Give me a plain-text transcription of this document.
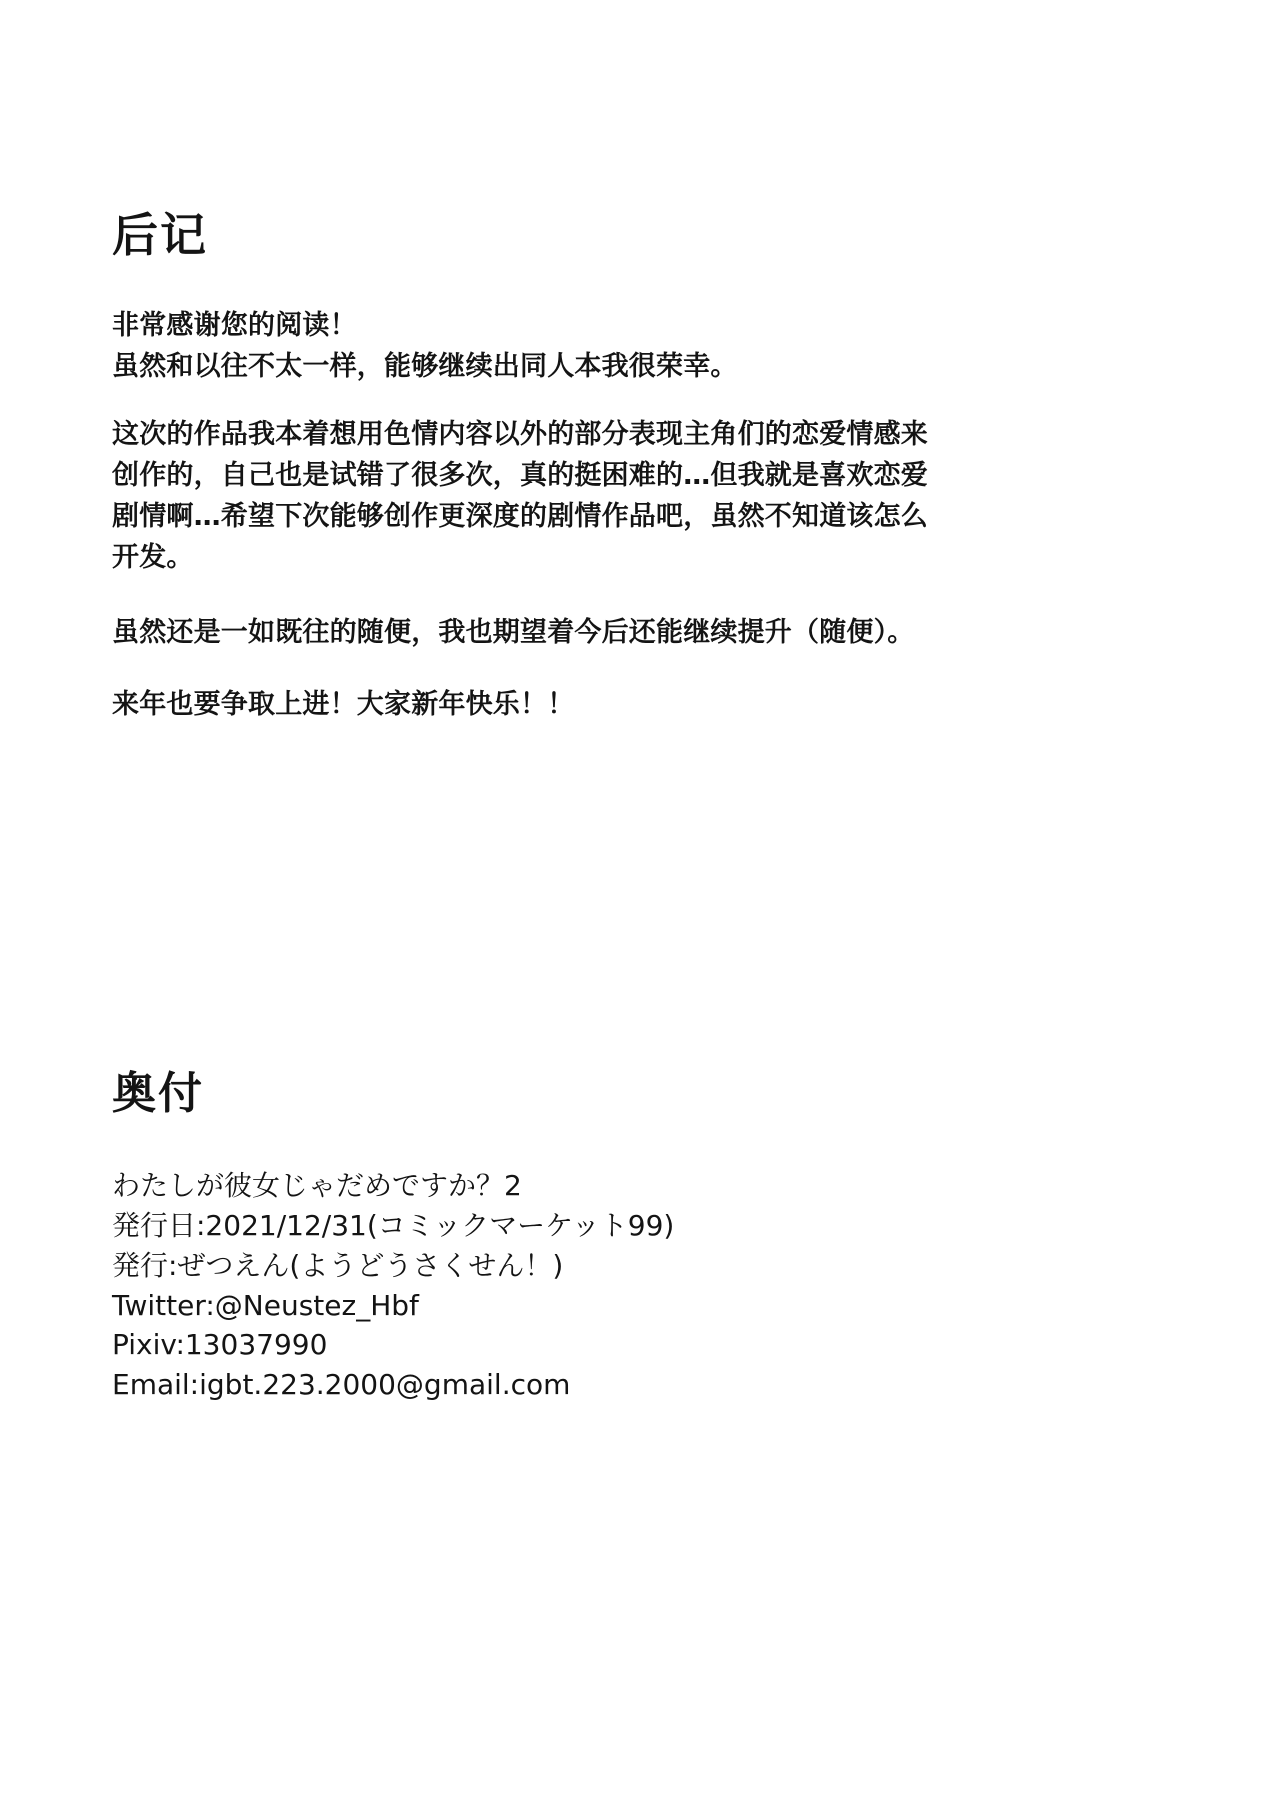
后记

非常感谢您的阅读！
虽然和以往不太一样，能够继续出同人本我很荣幸。

这次的作品我本着想用色情内容以外的部分表现主角们的恋爱情感来
创作的，自己也是试错了很多次，真的挺困难的…但我就是喜欢恋爱
剧情啊…希望下次能够创作更深度的剧情作品吧，虽然不知道该怎么
开发。

虽然还是一如既往的随便，我也期望着今后还能继续提升（随便）。

来年也要争取上进！大家新年快乐！！

奥付
わたしが彼女じゃだめですか？2
発行日:2021/12/31(コミックマーケット99)
発行:ぜつえん(ようどうさくせん！)
Twitter:@Neustez_Hbf
Pixiv:13037990
Email:igbt.223.2000@gmail.com
